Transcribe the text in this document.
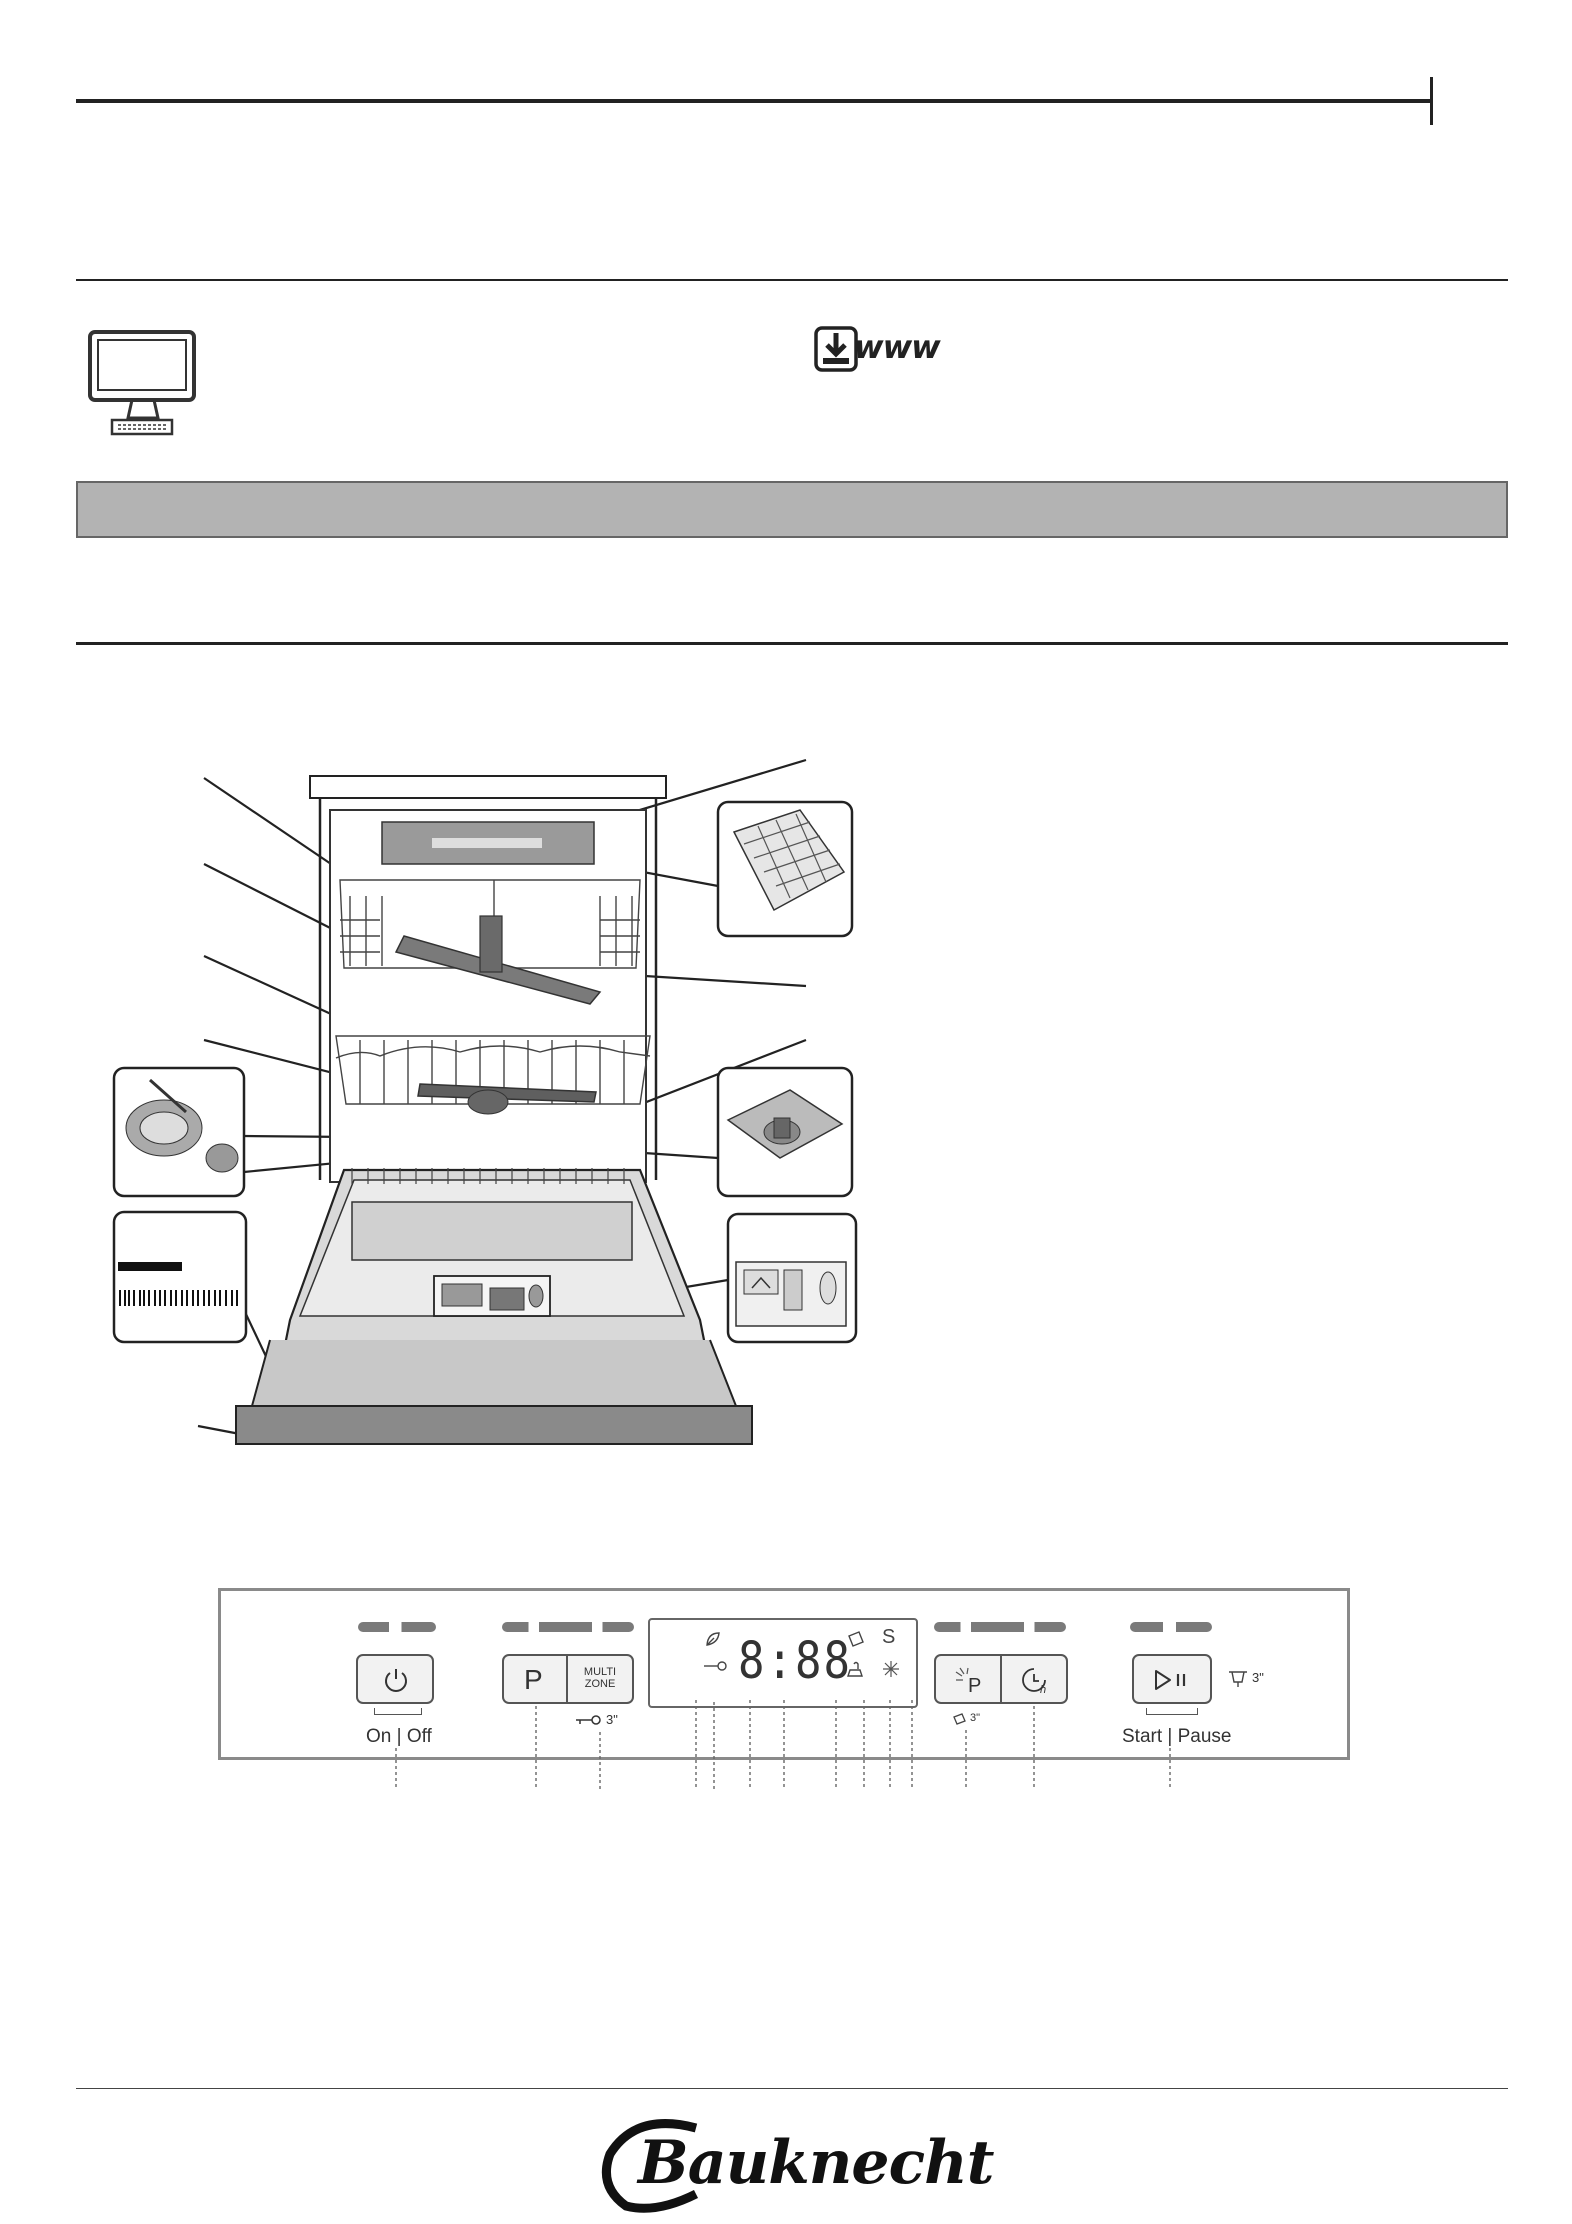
www
On | Off
P	MULTI
ZONE
3"
8:88 S
P	h
3"
3"
Start | Pause
Bauknecht
